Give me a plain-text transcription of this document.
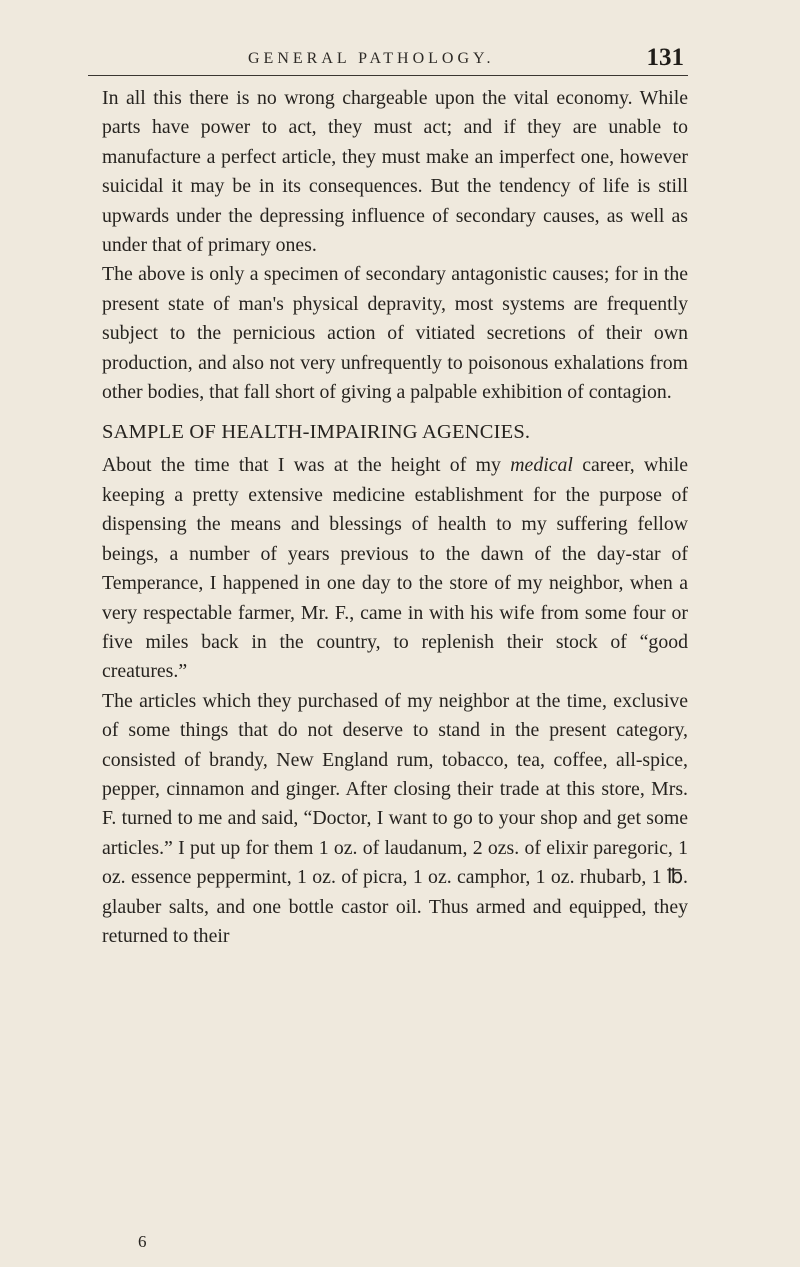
GENERAL PATHOLOGY.	131

In all this there is no wrong chargeable upon the vital economy. While parts have power to act, they must act; and if they are unable to manufacture a perfect article, they must make an imperfect one, however suicidal it may be in its consequences. But the tendency of life is still upwards under the depressing influence of secondary causes, as well as under that of primary ones.

The above is only a specimen of secondary antagonistic causes; for in the present state of man's physical depravity, most systems are frequently subject to the pernicious action of vitiated secretions of their own production, and also not very unfrequently to poisonous exhalations from other bodies, that fall short of giving a palpable exhibition of contagion.

SAMPLE OF HEALTH-IMPAIRING AGENCIES.

About the time that I was at the height of my medical career, while keeping a pretty extensive medicine establishment for the purpose of dispensing the means and blessings of health to my suffering fellow beings, a number of years previous to the dawn of the day-star of Temperance, I happened in one day to the store of my neighbor, when a very respectable farmer, Mr. F., came in with his wife from some four or five miles back in the country, to replenish their stock of “good creatures.”

The articles which they purchased of my neighbor at the time, exclusive of some things that do not deserve to stand in the present category, consisted of brandy, New England rum, tobacco, tea, coffee, all-spice, pepper, cinnamon and ginger. After closing their trade at this store, Mrs. F. turned to me and said, “Doctor, I want to go to your shop and get some articles.” I put up for them 1 oz. of laudanum, 2 ozs. of elixir paregoric, 1 oz. essence peppermint, 1 oz. of picra, 1 oz. camphor, 1 oz. rhubarb, 1 ℔. glauber salts, and one bottle castor oil. Thus armed and equipped, they returned to their

6
